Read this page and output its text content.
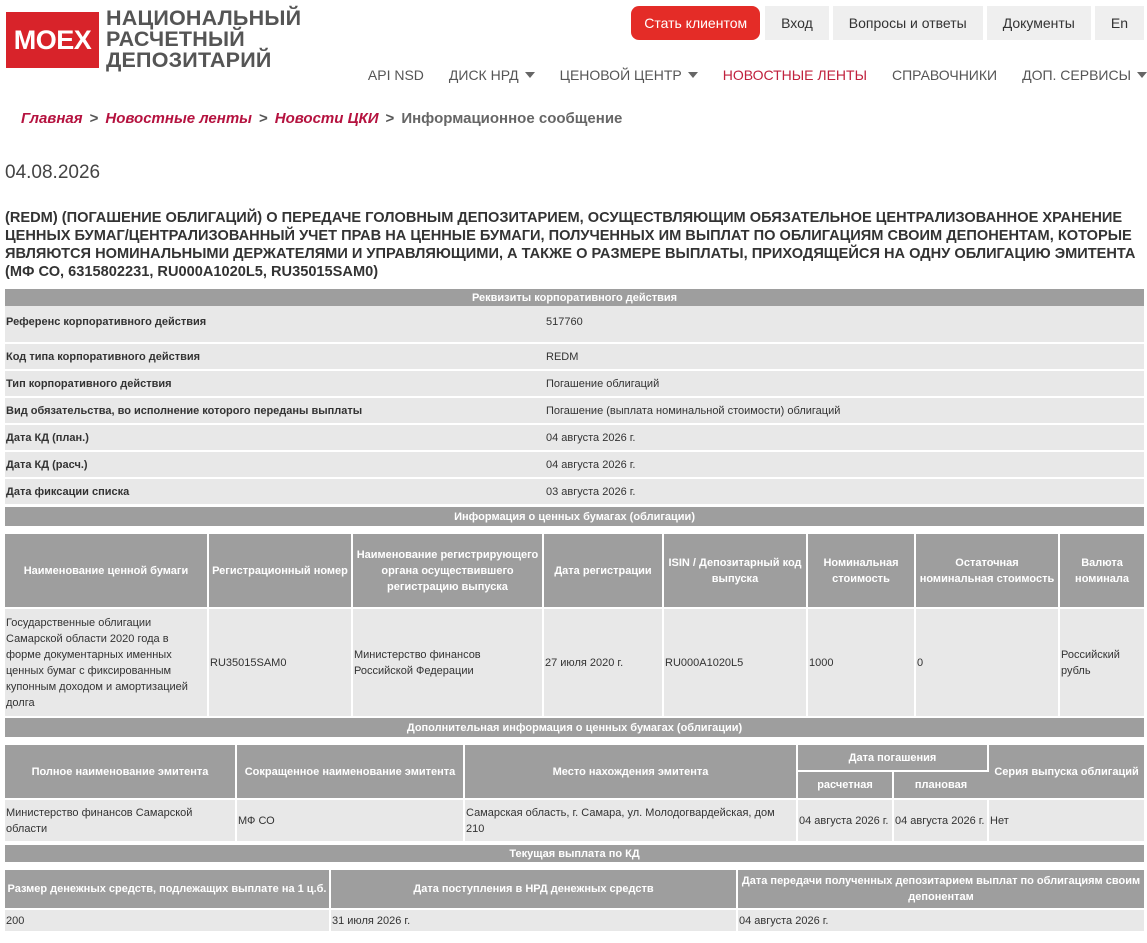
MOEX
НАЦИОНАЛЬНЫЙ
РАСЧЕТНЫЙ
ДЕПОЗИТАРИЙ
Стать клиентом	Вход	Вопросы и ответы	Документы	En
API NSD ДИСК НРД	ЦЕНОВОЙ ЦЕНТР	НОВОСТНЫЕ ЛЕНТЫ СПРАВОЧНИКИ ДОП. СЕРВИСЫ
Главная > Новостные ленты > Новости ЦКИ > Информационное сообщение
04.08.2026
(REDM) (ПОГАШЕНИЕ ОБЛИГАЦИЙ) О ПЕРЕДАЧЕ ГОЛОВНЫМ ДЕПОЗИТАРИЕМ, ОСУЩЕСТВЛЯЮЩИМ ОБЯЗАТЕЛЬНОЕ ЦЕНТРАЛИЗОВАННОЕ ХРАНЕНИЕ ЦЕННЫХ БУМАГ/ЦЕНТРАЛИЗОВАННЫЙ УЧЕТ ПРАВ НА ЦЕННЫЕ БУМАГИ, ПОЛУЧЕННЫХ ИМ ВЫПЛАТ ПО ОБЛИГАЦИЯМ СВОИМ ДЕПОНЕНТАМ, КОТОРЫЕ ЯВЛЯЮТСЯ НОМИНАЛЬНЫМИ ДЕРЖАТЕЛЯМИ И УПРАВЛЯЮЩИМИ, А ТАКЖЕ О РАЗМЕРЕ ВЫПЛАТЫ, ПРИХОДЯЩЕЙСЯ НА ОДНУ ОБЛИГАЦИЮ ЭМИТЕНТА (МФ СО, 6315802231, RU000A1020L5, RU35015SAM0)
Реквизиты корпоративного действия	

Референс корпоративного действия	517760
Код типа корпоративного действия	REDM
Тип корпоративного действия	Погашение облигаций
Вид обязательства, во исполнение которого переданы выплаты	Погашение (выплата номинальной стоимости) облигаций
Дата КД (план.)	04 августа 2026 г.
Дата КД (расч.)	04 августа 2026 г.
Дата фиксации списка	03 августа 2026 г.
Информация о ценных бумагах (облигации)							

Наименование ценной бумаги	Регистрационный номер	Наименование регистрирующего органа осуществившего регистрацию выпуска	Дата регистрации	ISIN / Депозитарный код выпуска	Номинальная стоимость	Остаточная номинальная стоимость	Валюта номинала

Государственные облигации Самарской области 2020 года в форме документарных именных ценных бумаг с фиксированным купонным доходом и амортизацией долга	RU35015SAM0	Министерство финансов Российской Федерации	27 июля 2020 г.	RU000A1020L5	1000	0	Российский рубль
Дополнительная информация о ценных бумагах (облигации)					

Полное наименование эмитента	Сокращенное наименование эмитента	Место нахождения эмитента	Дата погашения		Серия выпуска облигаций
			расчетная	плановая	

Министерство финансов Самарской области	МФ СО	Самарская область, г. Самара, ул. Молодогвардейская, дом 210	04 августа 2026 г.	04 августа 2026 г.	Нет
Текущая выплата по КД		

Размер денежных средств, подлежащих выплате на 1 ц.б.	Дата поступления в НРД денежных средств	Дата передачи полученных депозитарием выплат по облигациям своим депонентам

200	31 июля 2026 г.	04 августа 2026 г.
